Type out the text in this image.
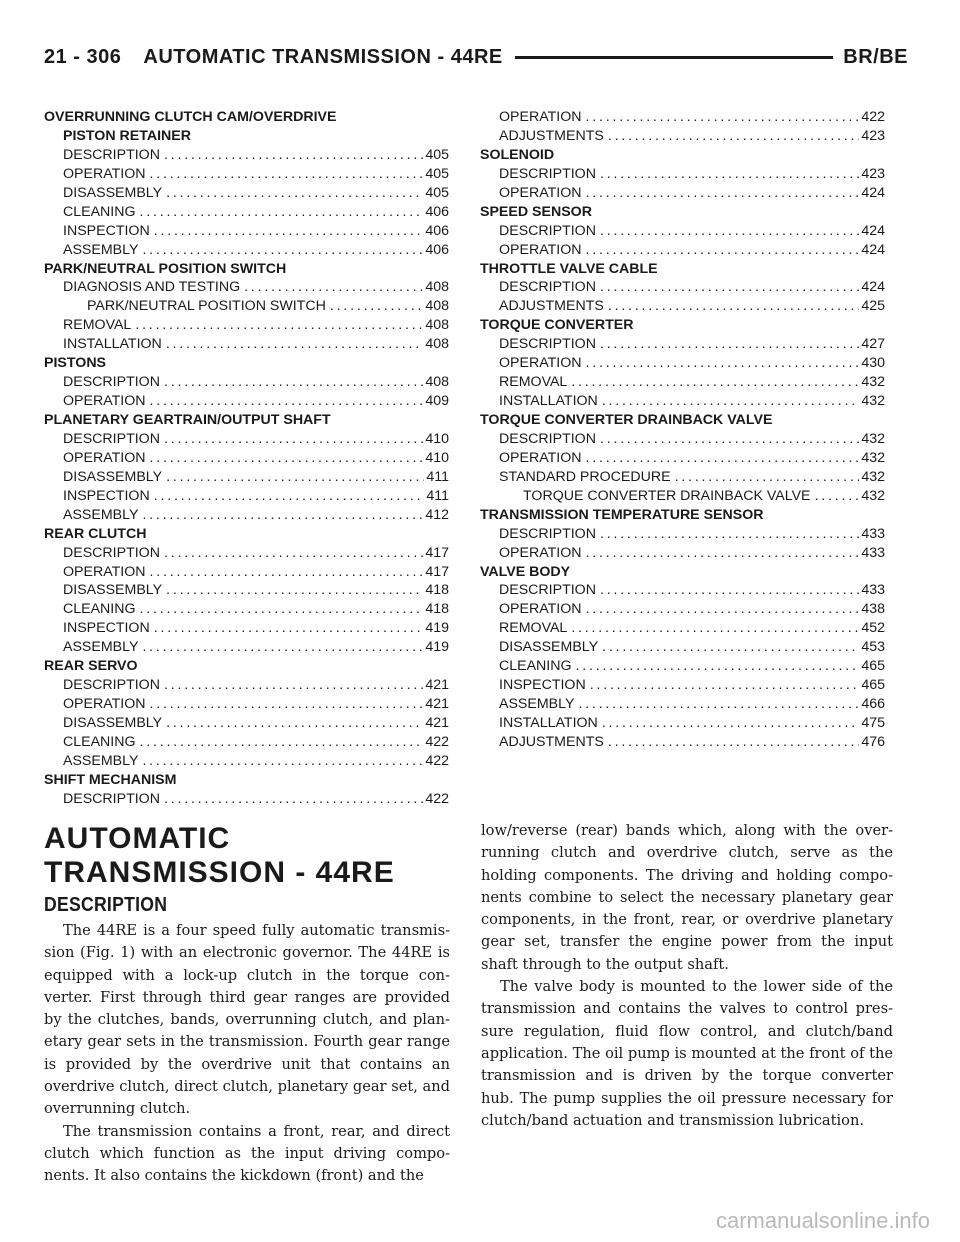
21 - 306 AUTOMATIC TRANSMISSION - 44RE	BR/BE
OVERRUNNING CLUTCH CAM/OVERDRIVE
PISTON RETAINER
DESCRIPTION .....	405
OPERATION .....	405
DISASSEMBLY .....	405
CLEANING .....	406
INSPECTION .....	406
ASSEMBLY .....	406
PARK/NEUTRAL POSITION SWITCH
DIAGNOSIS AND TESTING .....	408
PARK/NEUTRAL POSITION SWITCH .....	408
REMOVAL .....	408
INSTALLATION .....	408
PISTONS
DESCRIPTION .....	408
OPERATION .....	409
PLANETARY GEARTRAIN/OUTPUT SHAFT
DESCRIPTION .....	410
OPERATION .....	410
DISASSEMBLY .....	411
INSPECTION .....	411
ASSEMBLY .....	412
REAR CLUTCH
DESCRIPTION .....	417
OPERATION .....	417
DISASSEMBLY .....	418
CLEANING .....	418
INSPECTION .....	419
ASSEMBLY .....	419
REAR SERVO
DESCRIPTION .....	421
OPERATION .....	421
DISASSEMBLY .....	421
CLEANING .....	422
ASSEMBLY .....	422
SHIFT MECHANISM
DESCRIPTION .....	422
OPERATION .....	422
ADJUSTMENTS .....	423
SOLENOID
DESCRIPTION .....	423
OPERATION .....	424
SPEED SENSOR
DESCRIPTION .....	424
OPERATION .....	424
THROTTLE VALVE CABLE
DESCRIPTION .....	424
ADJUSTMENTS .....	425
TORQUE CONVERTER
DESCRIPTION .....	427
OPERATION .....	430
REMOVAL .....	432
INSTALLATION .....	432
TORQUE CONVERTER DRAINBACK VALVE
DESCRIPTION .....	432
OPERATION .....	432
STANDARD PROCEDURE .....	432
TORQUE CONVERTER DRAINBACK VALVE .....	432
TRANSMISSION TEMPERATURE SENSOR
DESCRIPTION .....	433
OPERATION .....	433
VALVE BODY
DESCRIPTION .....	433
OPERATION .....	438
REMOVAL .....	452
DISASSEMBLY .....	453
CLEANING .....	465
INSPECTION .....	465
ASSEMBLY .....	466
INSTALLATION .....	475
ADJUSTMENTS .....	476
AUTOMATIC TRANSMISSION - 44RE
DESCRIPTION

The 44RE is a four speed fully automatic transmission (Fig. 1) with an electronic governor. The 44RE is equipped with a lock-up clutch in the torque converter. First through third gear ranges are provided by the clutches, bands, overrunning clutch, and planetary gear sets in the transmission. Fourth gear range is provided by the overdrive unit that contains an overdrive clutch, direct clutch, planetary gear set, and overrunning clutch.

The transmission contains a front, rear, and direct clutch which function as the input driving components. It also contains the kickdown (front) and the

low/reverse (rear) bands which, along with the overrunning clutch and overdrive clutch, serve as the holding components. The driving and holding components combine to select the necessary planetary gear components, in the front, rear, or overdrive planetary gear set, transfer the engine power from the input shaft through to the output shaft.

The valve body is mounted to the lower side of the transmission and contains the valves to control pressure regulation, fluid flow control, and clutch/band application. The oil pump is mounted at the front of the transmission and is driven by the torque converter hub. The pump supplies the oil pressure necessary for clutch/band actuation and transmission lubrication.

carmanualsonline.info
